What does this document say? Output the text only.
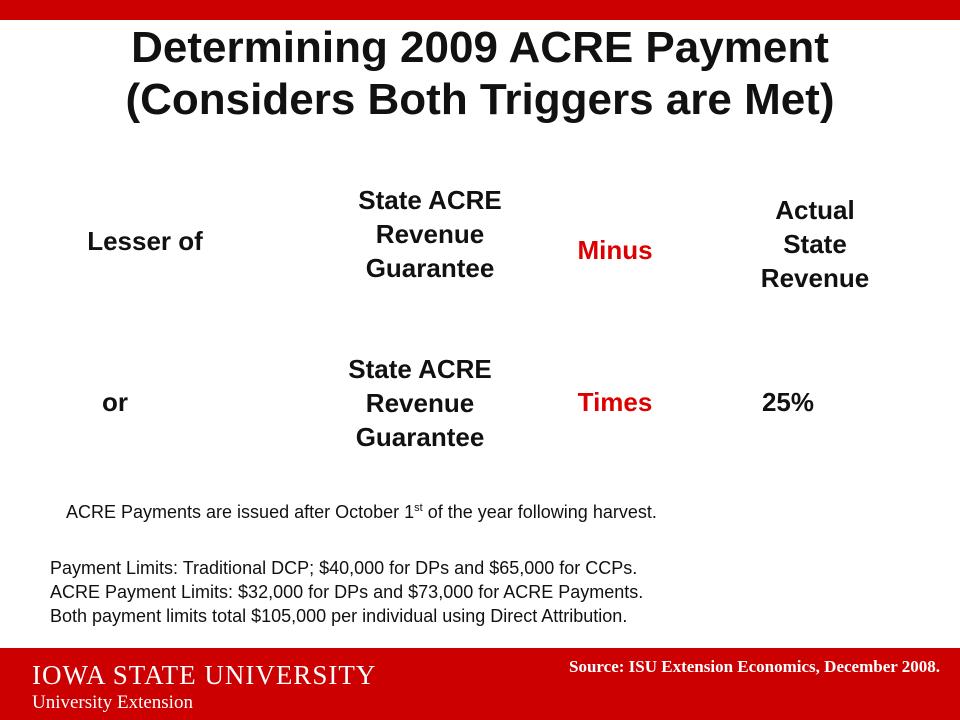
Determining 2009 ACRE Payment
(Considers Both Triggers are Met)
Lesser of
State ACRE
Revenue
Guarantee
Minus
Actual
State
Revenue
or
State ACRE
Revenue
Guarantee
Times	25%
ACRE Payments are issued after October 1st of the year following harvest.
Payment Limits: Traditional DCP; $40,000 for DPs and $65,000 for CCPs.
ACRE Payment Limits: $32,000 for DPs and $73,000 for ACRE Payments.
Both payment limits total $105,000 per individual using Direct Attribution.
IOWA STATE UNIVERSITY
University Extension
Source: ISU Extension Economics, December 2008.
